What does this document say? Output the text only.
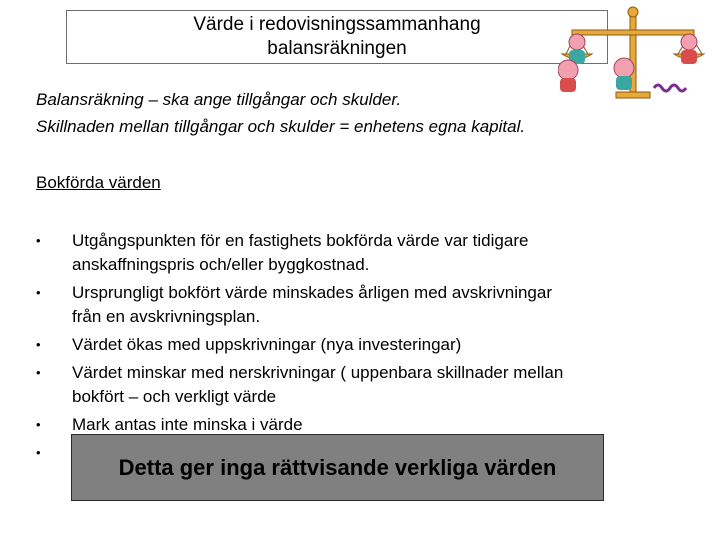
Värde i redovisningssammanhang
balansräkningen
Balansräkning – ska ange tillgångar och skulder.
Skillnaden mellan tillgångar och skulder = enhetens egna kapital.
Bokförda värden
• Utgångspunkten för en fastighets bokförda värde var tidigare
anskaffningspris och/eller byggkostnad.
• Ursprungligt bokfört värde minskades årligen med avskrivningar
från en avskrivningsplan.
• Värdet ökas med uppskrivningar (nya investeringar)
• Värdet minskar med nerskrivningar ( uppenbara skillnader mellan
bokfört – och verkligt värde
• Mark antas inte minska i värde
•
Detta ger inga rättvisande verkliga värden
